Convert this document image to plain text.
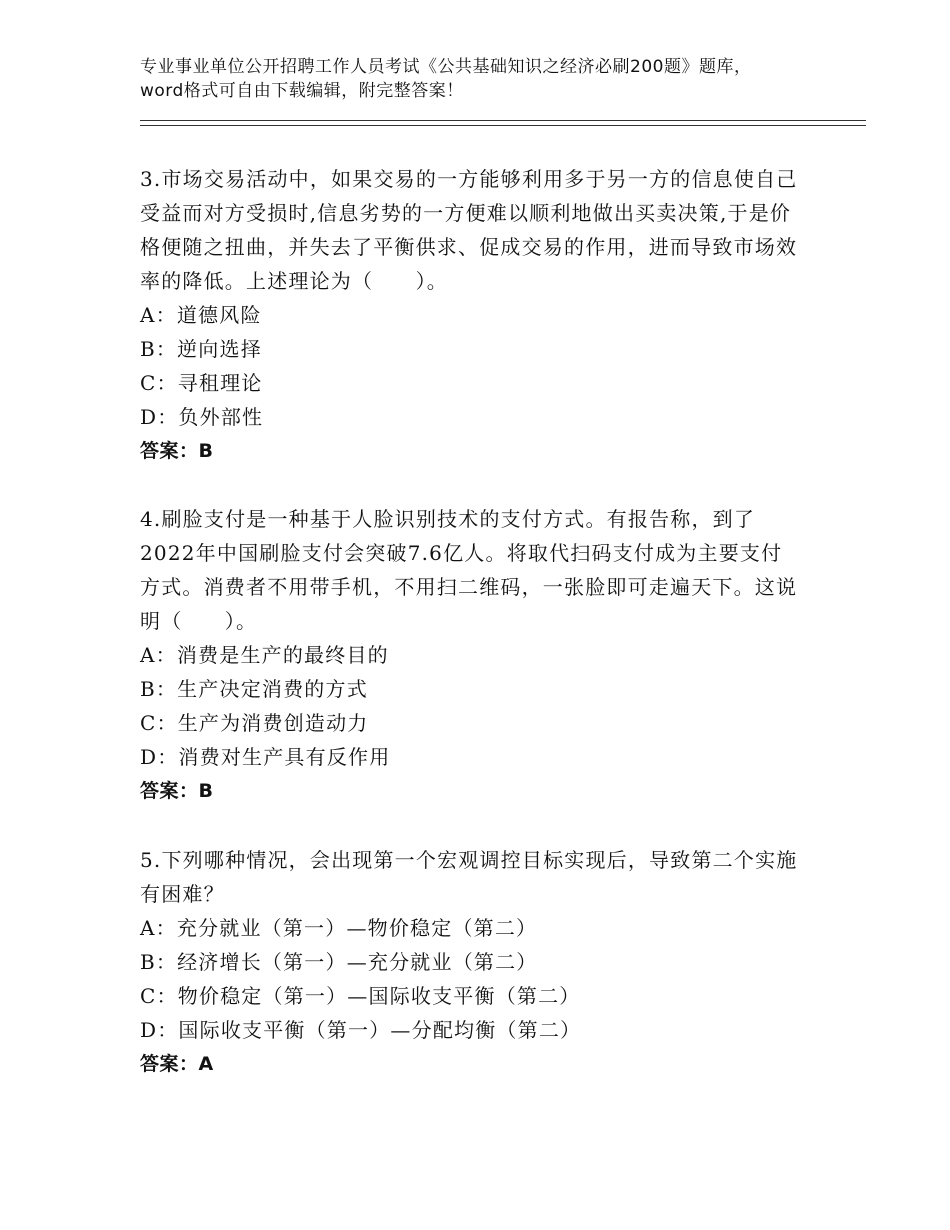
专业事业单位公开招聘工作人员考试《公共基础知识之经济必刷200题》题库，word格式可自由下载编辑，附完整答案！
3.市场交易活动中，如果交易的一方能够利用多于另一方的信息使自己受益而对方受损时,信息劣势的一方便难以顺利地做出买卖决策,于是价格便随之扭曲，并失去了平衡供求、促成交易的作用，进而导致市场效率的降低。上述理论为（　　）。
A：道德风险
B：逆向选择
C：寻租理论
D：负外部性
答案：B
4.刷脸支付是一种基于人脸识别技术的支付方式。有报告称，到了2022年中国刷脸支付会突破7.6亿人。将取代扫码支付成为主要支付方式。消费者不用带手机，不用扫二维码，一张脸即可走遍天下。这说明（　　）。
A：消费是生产的最终目的
B：生产决定消费的方式
C：生产为消费创造动力
D：消费对生产具有反作用
答案：B
5.下列哪种情况，会出现第一个宏观调控目标实现后，导致第二个实施有困难？
A：充分就业（第一）—物价稳定（第二）
B：经济增长（第一）—充分就业（第二）
C：物价稳定（第一）—国际收支平衡（第二）
D：国际收支平衡（第一）—分配均衡（第二）
答案：A
